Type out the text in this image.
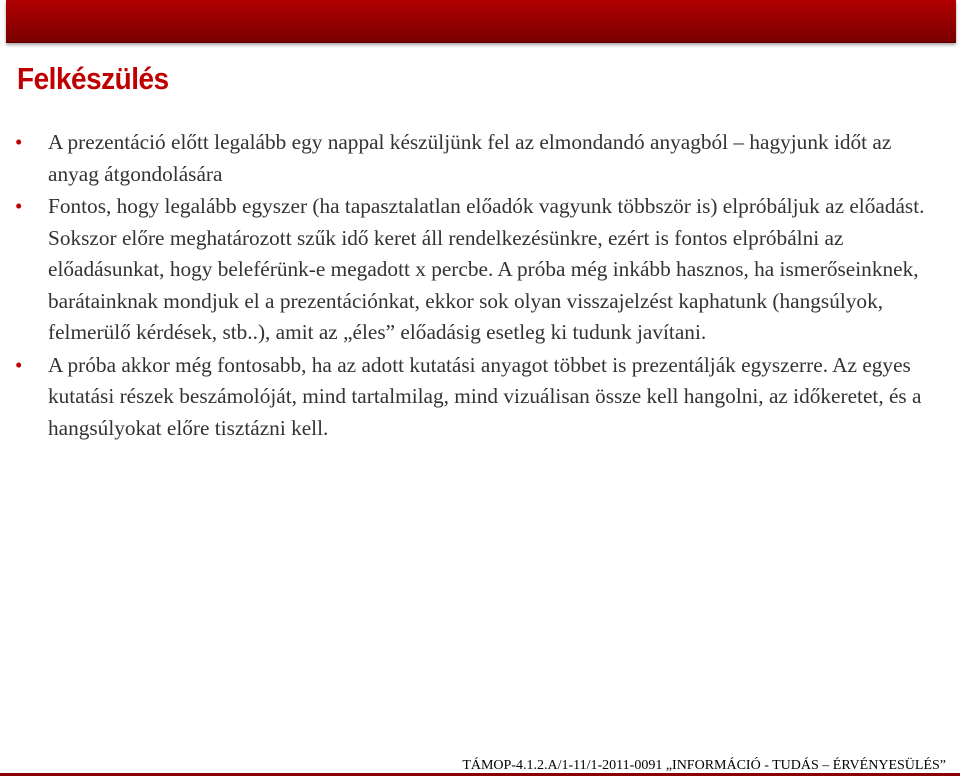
Felkészülés
• A prezentáció előtt legalább egy nappal készüljünk fel az elmondandó anyagból – hagyjunk időt az anyag átgondolására
• Fontos, hogy legalább egyszer (ha tapasztalatlan előadók vagyunk többször is) elpróbáljuk az előadást. Sokszor előre meghatározott szűk idő keret áll rendelkezésünkre, ezért is fontos elpróbálni az előadásunkat, hogy beleférünk-e megadott x percbe. A próba még inkább hasznos, ha ismerőseinknek, barátainknak mondjuk el a prezentációnkat, ekkor sok olyan visszajelzést kaphatunk (hangsúlyok, felmerülő kérdések, stb..), amit az „éles” előadásig esetleg ki tudunk javítani.
• A próba akkor még fontosabb, ha az adott kutatási anyagot többet is prezentálják egyszerre. Az egyes kutatási részek beszámolóját, mind tartalmilag, mind vizuálisan össze kell hangolni, az időkeretet, és a hangsúlyokat előre tisztázni kell.
TÁMOP-4.1.2.A/1-11/1-2011-0091 „INFORMÁCIÓ - TUDÁS – ÉRVÉNYESÜLÉS”
